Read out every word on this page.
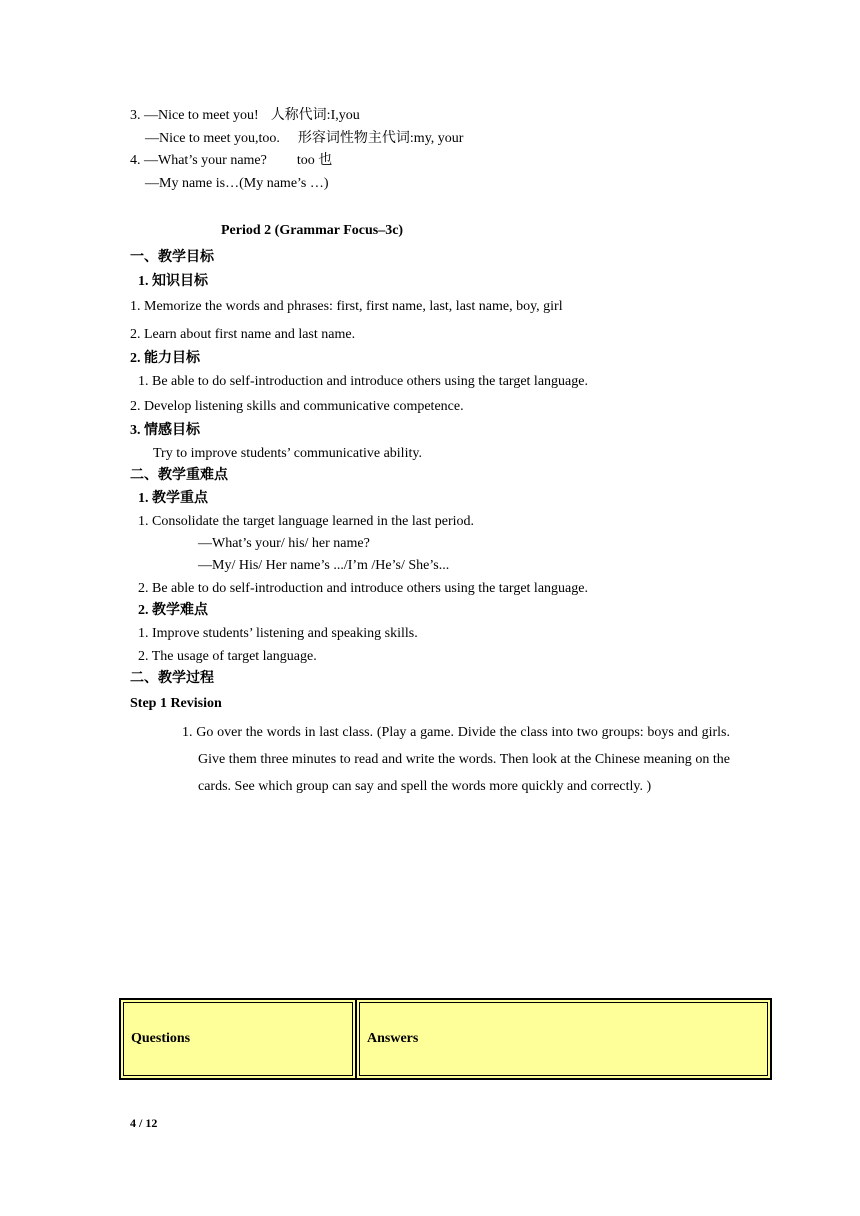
3. —Nice to meet you! 人称代词:I,you
—Nice to meet you,too. 形容词性物主代词:my, your
4. —What’s your name? too 也
—My name is…(My name’s …)
Period 2 (Grammar Focus–3c)
一、教学目标
1. 知识目标
1. Memorize the words and phrases: first, first name, last, last name, boy, girl
2. Learn about first name and last name.
2. 能力目标
1. Be able to do self-introduction and introduce others using the target language.
2. Develop listening skills and communicative competence.
3. 情感目标
Try to improve students’ communicative ability.
二、教学重难点
1. 教学重点
1. Consolidate the target language learned in the last period.
—What’s your/ his/ her name?
—My/ His/ Her name’s .../I’m /He’s/ She’s...
2. Be able to do self-introduction and introduce others using the target language.
2. 教学难点
1. Improve students’ listening and speaking skills.
2. The usage of target language.
二、教学过程
Step 1 Revision
1. Go over the words in last class. (Play a game. Divide the class into two groups: boys and girls. Give them three minutes to read and write the words. Then look at the Chinese meaning on the cards. See which group can say and spell the words more quickly and correctly. )
Questions	Answers
4 / 12
